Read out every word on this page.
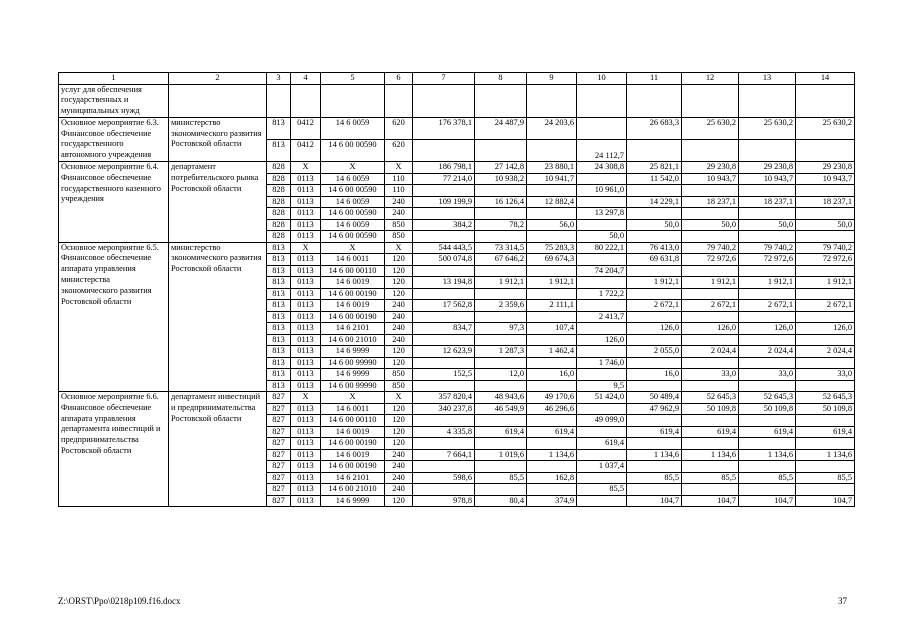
1	2	3	4	5	6	7	8	9	10	11	12	13	14
услуг для обеспечения государственных и муниципальных нужд													
Основное мероприятие 6.3. Финансовое обеспечение государственного автономного учреждения	министерство экономического развития Ростовской области	813	0412	14 6 0059	620	176 378,1	24 487,9	24 203,6		26 683,3	25 630,2	25 630,2	25 630,2
		813	0412	14 6 00 00590	620				24 112,7				
Основное мероприятие 6.4. Финансовое обеспечение государственного казенного учреждения	департамент потребительского рынка Ростовской области	828	X	X	X	186 798,1	27 142,8	23 880,1	24 308,8	25 821,1	29 230,8	29 230,8	29 230,8
		828	0113	14 6 0059	110	77 214,0	10 938,2	10 941,7		11 542,0	10 943,7	10 943,7	10 943,7
		828	0113	14 6 00 00590	110				10 961,0				
		828	0113	14 6 0059	240	109 199,9	16 126,4	12 882,4		14 229,1	18 237,1	18 237,1	18 237,1
		828	0113	14 6 00 00590	240				13 297,8				
		828	0113	14 6 0059	850	384,2	78,2	56,0		50,0	50,0	50,0	50,0
		828	0113	14 6 00 00590	850				50,0				
Основное мероприятие 6.5. Финансовое обеспечение аппарата управления министерства экономического развития Ростовской области	министерство экономического развития Ростовской области	813	X	X	X	544 443,5	73 314,5	75 283,3	80 222,1	76 413,0	79 740,2	79 740,2	79 740,2
		813	0113	14 6 0011	120	500 074,8	67 646,2	69 674,3		69 631,8	72 972,6	72 972,6	72 972,6
		813	0113	14 6 00 00110	120				74 204,7				
		813	0113	14 6 0019	120	13 194,8	1 912,1	1 912,1		1 912,1	1 912,1	1 912,1	1 912,1
		813	0113	14 6 00 00190	120				1 722,2				
		813	0113	14 6 0019	240	17 562,8	2 359,6	2 111,1		2 672,1	2 672,1	2 672,1	2 672,1
		813	0113	14 6 00 00190	240				2 413,7				
		813	0113	14 6 2101	240	834,7	97,3	107,4		126,0	126,0	126,0	126,0
		813	0113	14 6 00 21010	240				126,0				
		813	0113	14 6 9999	120	12 623,9	1 287,3	1 462,4		2 055,0	2 024,4	2 024,4	2 024,4
		813	0113	14 6 00 99990	120				1 746,0				
		813	0113	14 6 9999	850	152,5	12,0	16,0		16,0	33,0	33,0	33,0
		813	0113	14 6 00 99990	850				9,5				
Основное мероприятие 6.6. Финансовое обеспечение аппарата управления департамента инвестиций и предпринимательства Ростовской области	департамент инвестиций и предпринимательства Ростовской области	827	X	X	X	357 820,4	48 943,6	49 170,6	51 424,0	50 489,4	52 645,3	52 645,3	52 645,3
		827	0113	14 6 0011	120	340 237,8	46 549,9	46 296,6		47 962,9	50 109,8	50 109,8	50 109,8
		827	0113	14 6 00 00110	120				49 099,0				
		827	0113	14 6 0019	120	4 335,8	619,4	619,4		619,4	619,4	619,4	619,4
		827	0113	14 6 00 00190	120				619,4				
		827	0113	14 6 0019	240	7 664,1	1 019,6	1 134,6		1 134,6	1 134,6	1 134,6	1 134,6
		827	0113	14 6 00 00190	240				1 037,4				
		827	0113	14 6 2101	240	598,6	85,5	162,8		85,5	85,5	85,5	85,5
		827	0113	14 6 00 21010	240				85,5				
		827	0113	14 6 9999	120	978,8	80,4	374,9		104,7	104,7	104,7	104,7
Z:\ORST\Ppo\0218p109.f16.docx	37
